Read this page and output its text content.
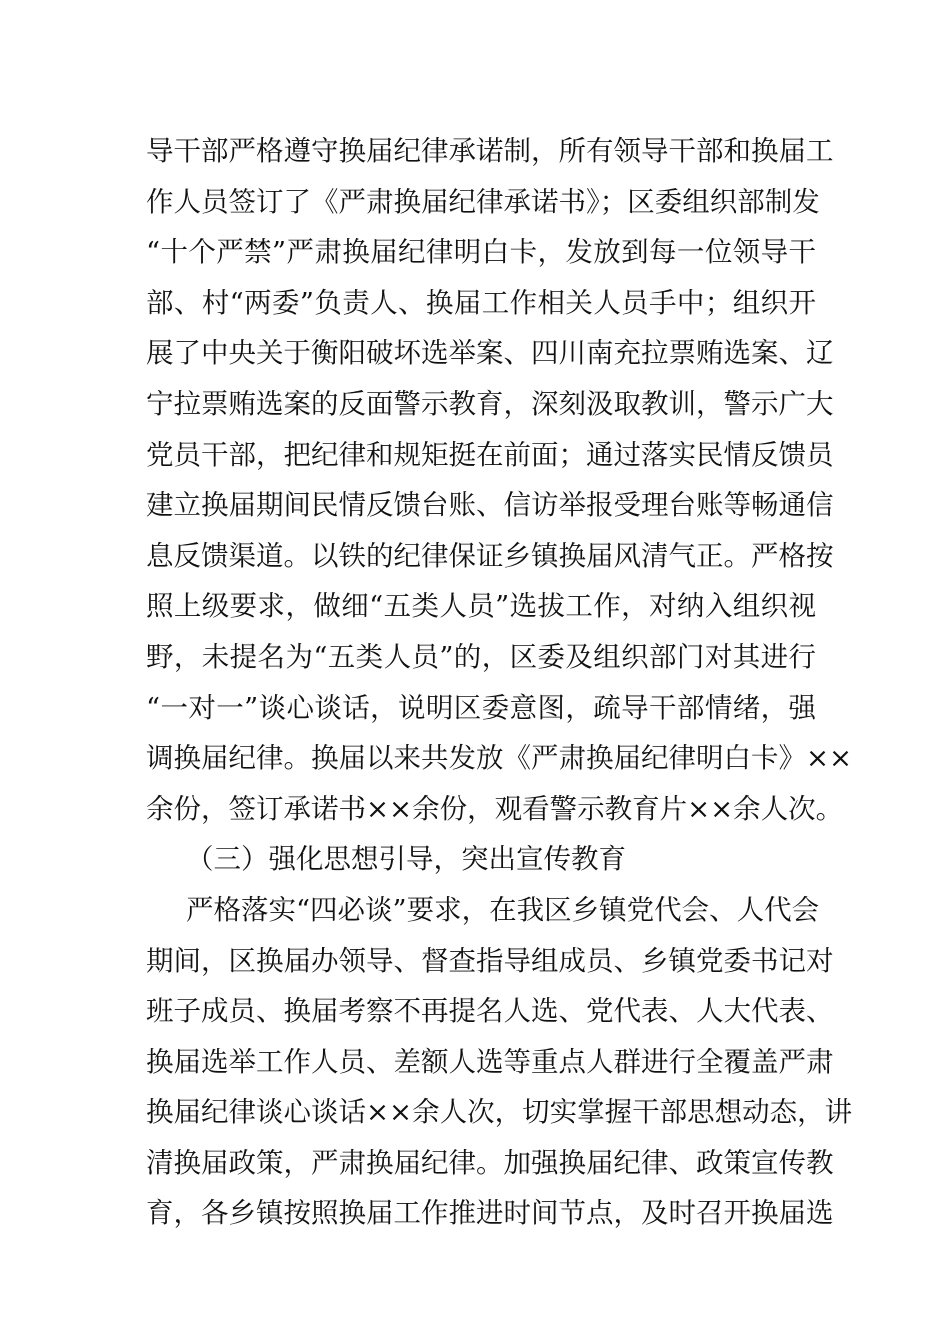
导干部严格遵守换届纪律承诺制，所有领导干部和换届工
作人员签订了《严肃换届纪律承诺书》；区委组织部制发
“十个严禁”严肃换届纪律明白卡，发放到每一位领导干
部、村“两委”负责人、换届工作相关人员手中；组织开
展了中央关于衡阳破坏选举案、四川南充拉票贿选案、辽
宁拉票贿选案的反面警示教育，深刻汲取教训，警示广大
党员干部，把纪律和规矩挺在前面；通过落实民情反馈员
建立换届期间民情反馈台账、信访举报受理台账等畅通信
息反馈渠道。以铁的纪律保证乡镇换届风清气正。严格按
照上级要求，做细“五类人员”选拔工作，对纳入组织视
野，未提名为“五类人员”的，区委及组织部门对其进行
“一对一”谈心谈话，说明区委意图，疏导干部情绪，强
调换届纪律。换届以来共发放《严肃换届纪律明白卡》××
余份，签订承诺书××余份，观看警示教育片××余人次。
（三）强化思想引导，突出宣传教育
严格落实“四必谈”要求，在我区乡镇党代会、人代会
期间，区换届办领导、督查指导组成员、乡镇党委书记对
班子成员、换届考察不再提名人选、党代表、人大代表、
换届选举工作人员、差额人选等重点人群进行全覆盖严肃
换届纪律谈心谈话××余人次，切实掌握干部思想动态，讲
清换届政策，严肃换届纪律。加强换届纪律、政策宣传教
育，各乡镇按照换届工作推进时间节点，及时召开换届选
